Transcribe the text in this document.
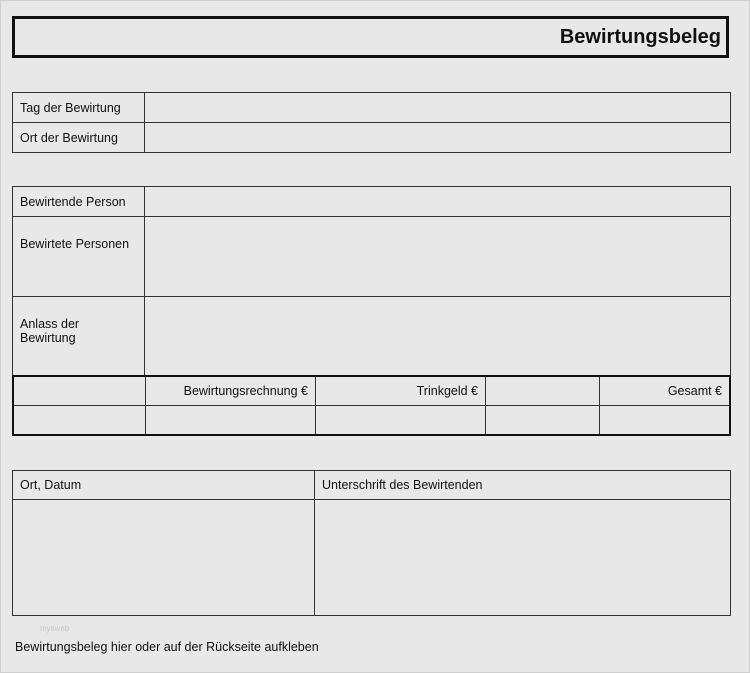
Bewirtungsbeleg
Tag der Bewirtung	
Ort der Bewirtung	
Bewirtende Person	
Bewirtete Personen	
Anlass der Bewirtung	
	Bewirtungsrechnung €	Trinkgeld €		Gesamt €

Ort, Datum	Unterschrift des Bewirtenden

mysweb
Bewirtungsbeleg hier oder auf der Rückseite aufkleben
